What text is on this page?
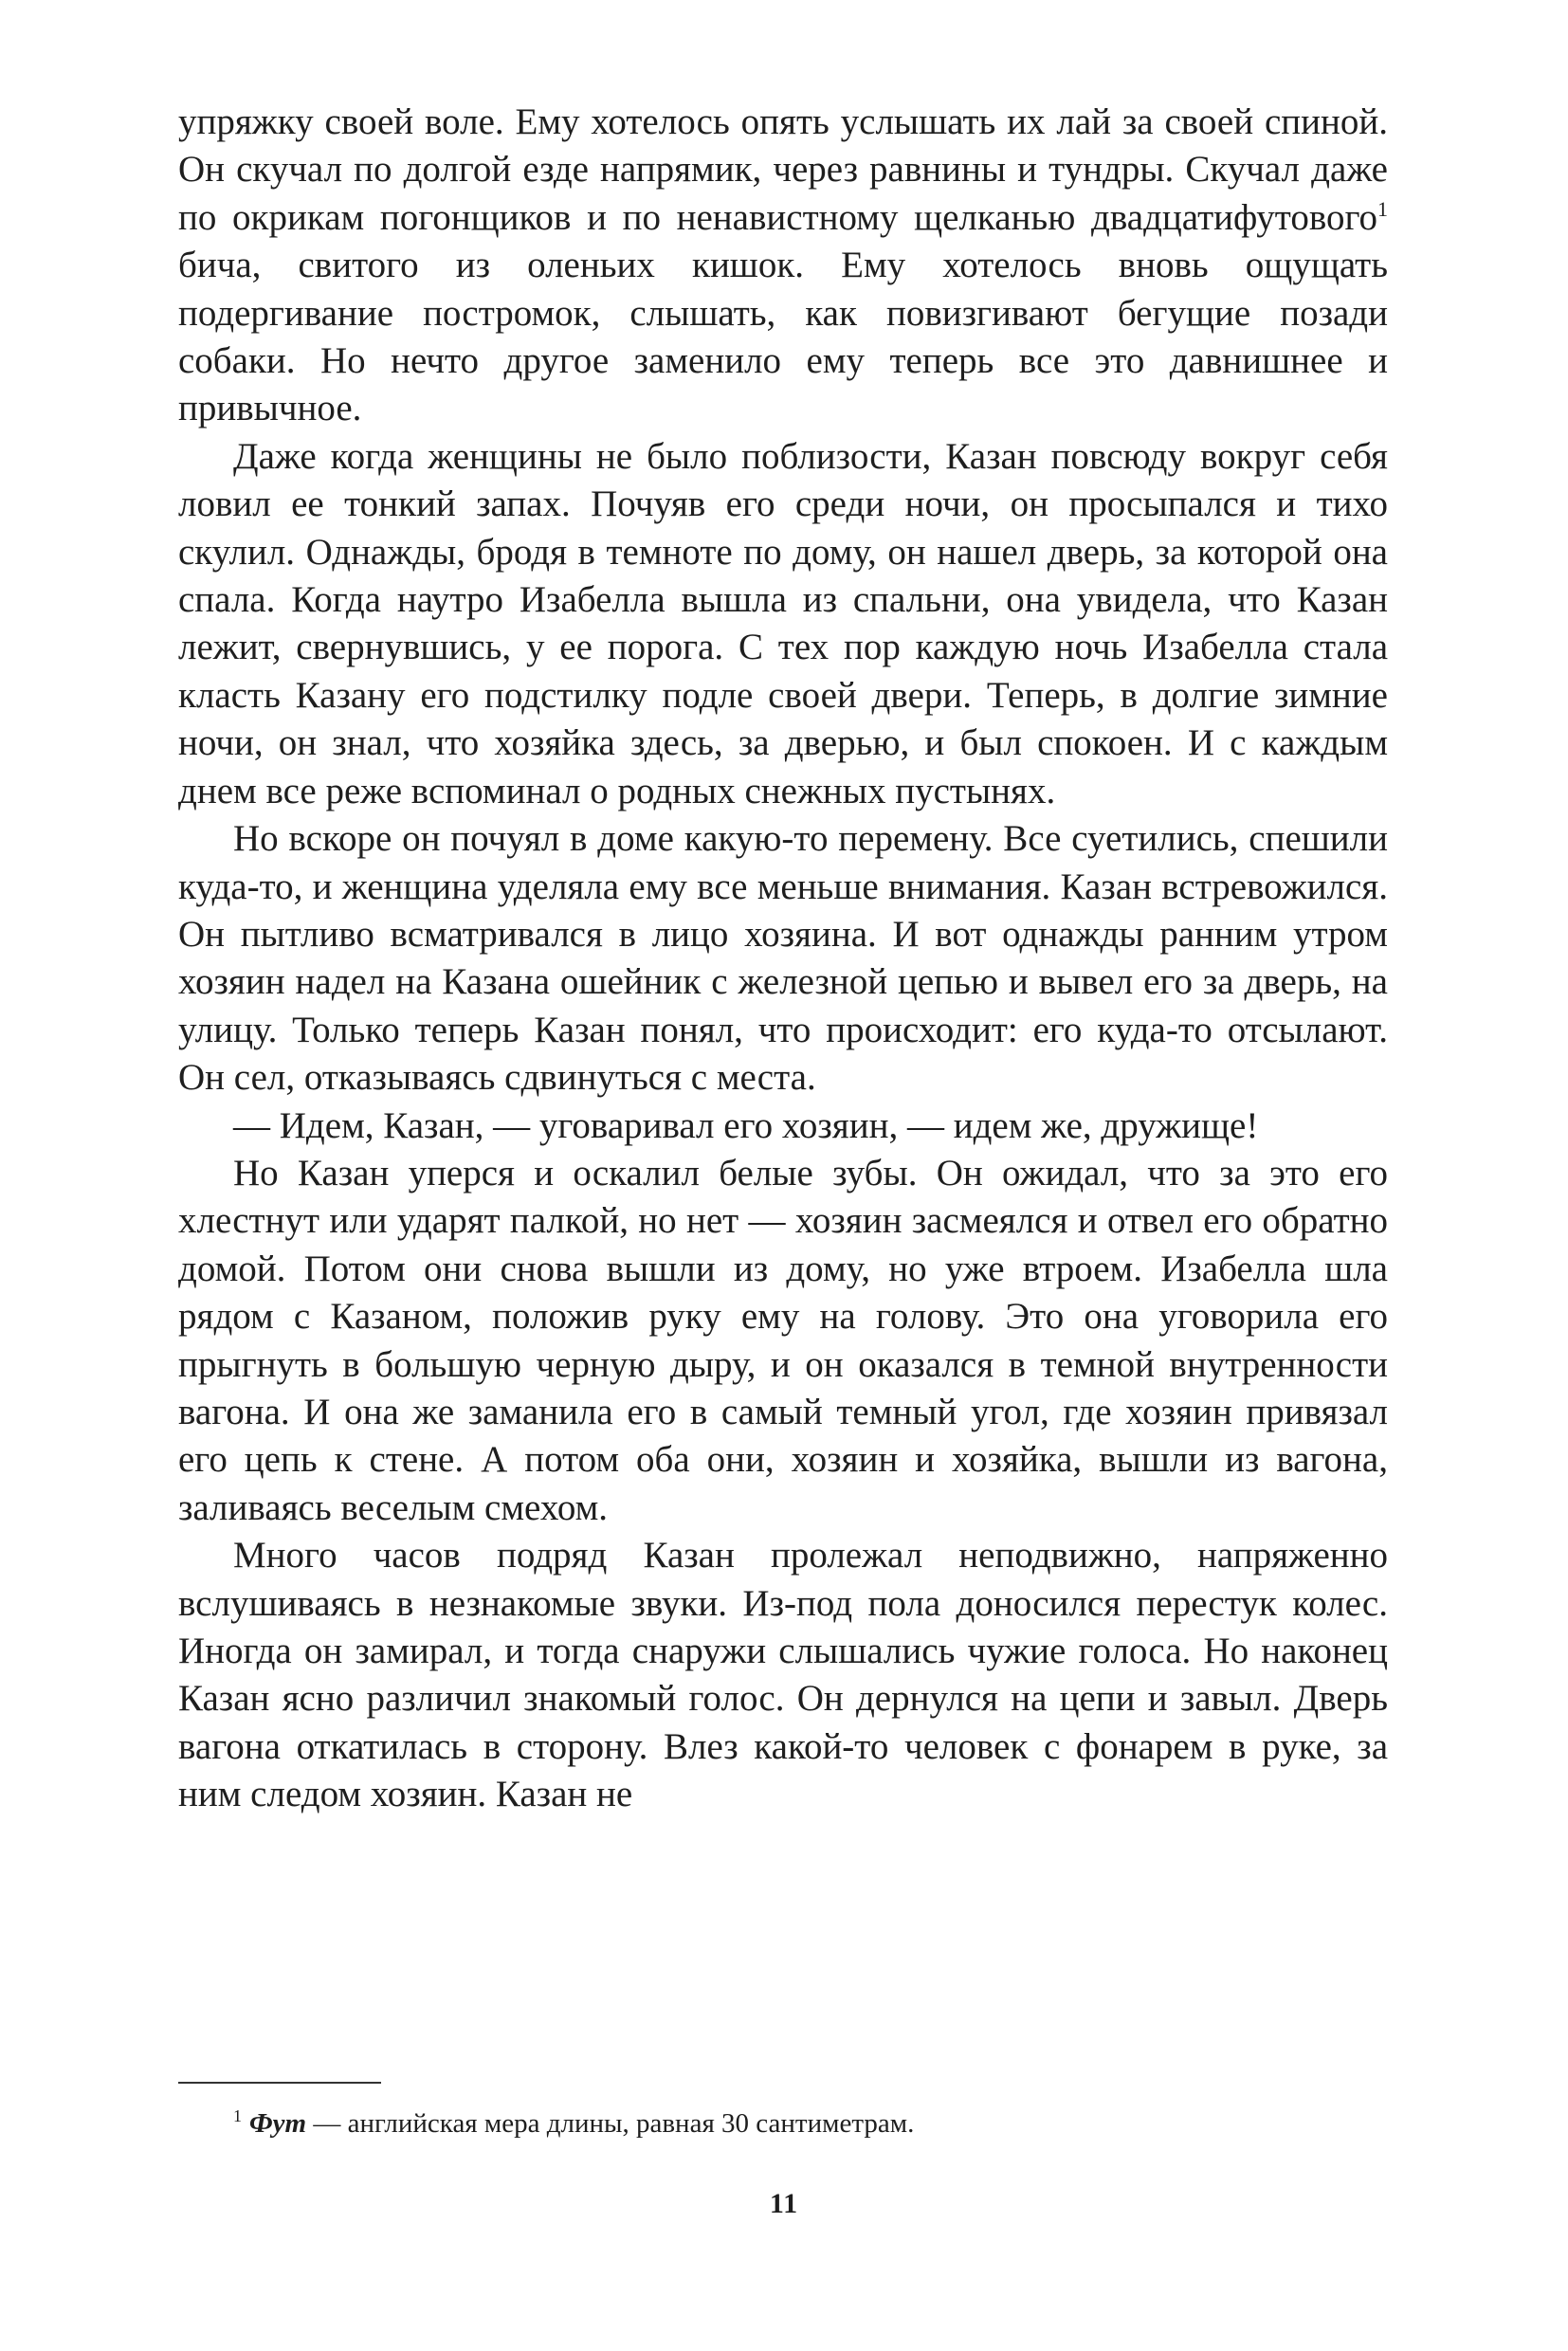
упряжку своей воле. Ему хотелось опять услышать их лай за своей спиной. Он скучал по долгой езде напрямик, через равнины и тундры. Скучал даже по окрикам погонщиков и по ненавистному щелканью двадцатифутового$^1$ бича, свитого из оленьих кишок. Ему хотелось вновь ощущать подергивание постромок, слышать, как повизгивают бегущие позади собаки. Но нечто другое заменило ему теперь все это давнишнее и привычное.

Даже когда женщины не было поблизости, Казан повсюду вокруг себя ловил ее тонкий запах. Почуяв его среди ночи, он просыпался и тихо скулил. Однажды, бродя в темноте по дому, он нашел дверь, за которой она спала. Когда наутро Изабелла вышла из спальни, она увидела, что Казан лежит, свернувшись, у ее порога. С тех пор каждую ночь Изабелла стала класть Казану его подстилку подле своей двери. Теперь, в долгие зимние ночи, он знал, что хозяйка здесь, за дверью, и был спокоен. И с каждым днем все реже вспоминал о родных снежных пустынях.

Но вскоре он почуял в доме какую-то перемену. Все суетились, спешили куда-то, и женщина уделяла ему все меньше внимания. Казан встревожился. Он пытливо всматривался в лицо хозяина. И вот однажды ранним утром хозяин надел на Казана ошейник с железной цепью и вывел его за дверь, на улицу. Только теперь Казан понял, что происходит: его куда-то отсылают. Он сел, отказываясь сдвинуться с места.

— Идем, Казан, — уговаривал его хозяин, — идем же, дружище!

Но Казан уперся и оскалил белые зубы. Он ожидал, что за это его хлестнут или ударят палкой, но нет — хозяин засмеялся и отвел его обратно домой. Потом они снова вышли из дому, но уже втроем. Изабелла шла рядом с Казаном, положив руку ему на голову. Это она уговорила его прыгнуть в большую черную дыру, и он оказался в темной внутренности вагона. И она же заманила его в самый темный угол, где хозяин привязал его цепь к стене. А потом оба они, хозяин и хозяйка, вышли из вагона, заливаясь веселым смехом.

Много часов подряд Казан пролежал неподвижно, напряженно вслушиваясь в незнакомые звуки. Из-под пола доносился перестук колес. Иногда он замирал, и тогда снаружи слышались чужие голоса. Но наконец Казан ясно различил знакомый голос. Он дернулся на цепи и завыл. Дверь вагона откатилась в сторону. Влез какой-то человек с фонарем в руке, за ним следом хозяин. Казан не

$^1$ Фут — английская мера длины, равная 30 сантиметрам.
11
